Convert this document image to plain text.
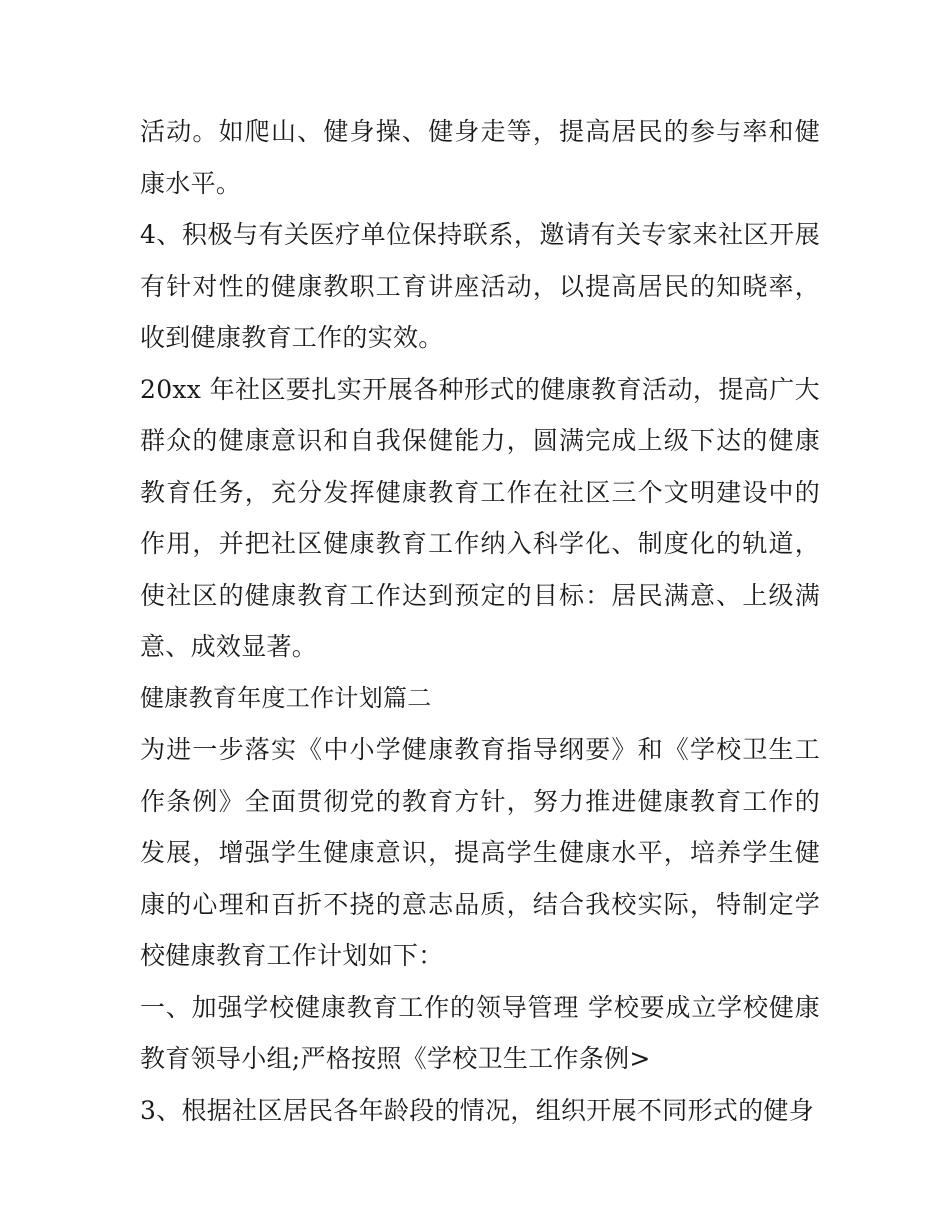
活动。如爬山、健身操、健身走等，提高居民的参与率和健康水平。

4、积极与有关医疗单位保持联系，邀请有关专家来社区开展有针对性的健康教职工育讲座活动，以提高居民的知晓率，收到健康教育工作的实效。

20xx 年社区要扎实开展各种形式的健康教育活动，提高广大群众的健康意识和自我保健能力，圆满完成上级下达的健康教育任务，充分发挥健康教育工作在社区三个文明建设中的作用，并把社区健康教育工作纳入科学化、制度化的轨道，使社区的健康教育工作达到预定的目标：居民满意、上级满意、成效显著。

健康教育年度工作计划篇二

为进一步落实《中小学健康教育指导纲要》和《学校卫生工作条例》全面贯彻党的教育方针，努力推进健康教育工作的发展，增强学生健康意识，提高学生健康水平，培养学生健康的心理和百折不挠的意志品质，结合我校实际，特制定学校健康教育工作计划如下：

一、加强学校健康教育工作的领导管理 学校要成立学校健康教育领导小组;严格按照《学校卫生工作条例>

3、根据社区居民各年龄段的情况，组织开展不同形式的健身
